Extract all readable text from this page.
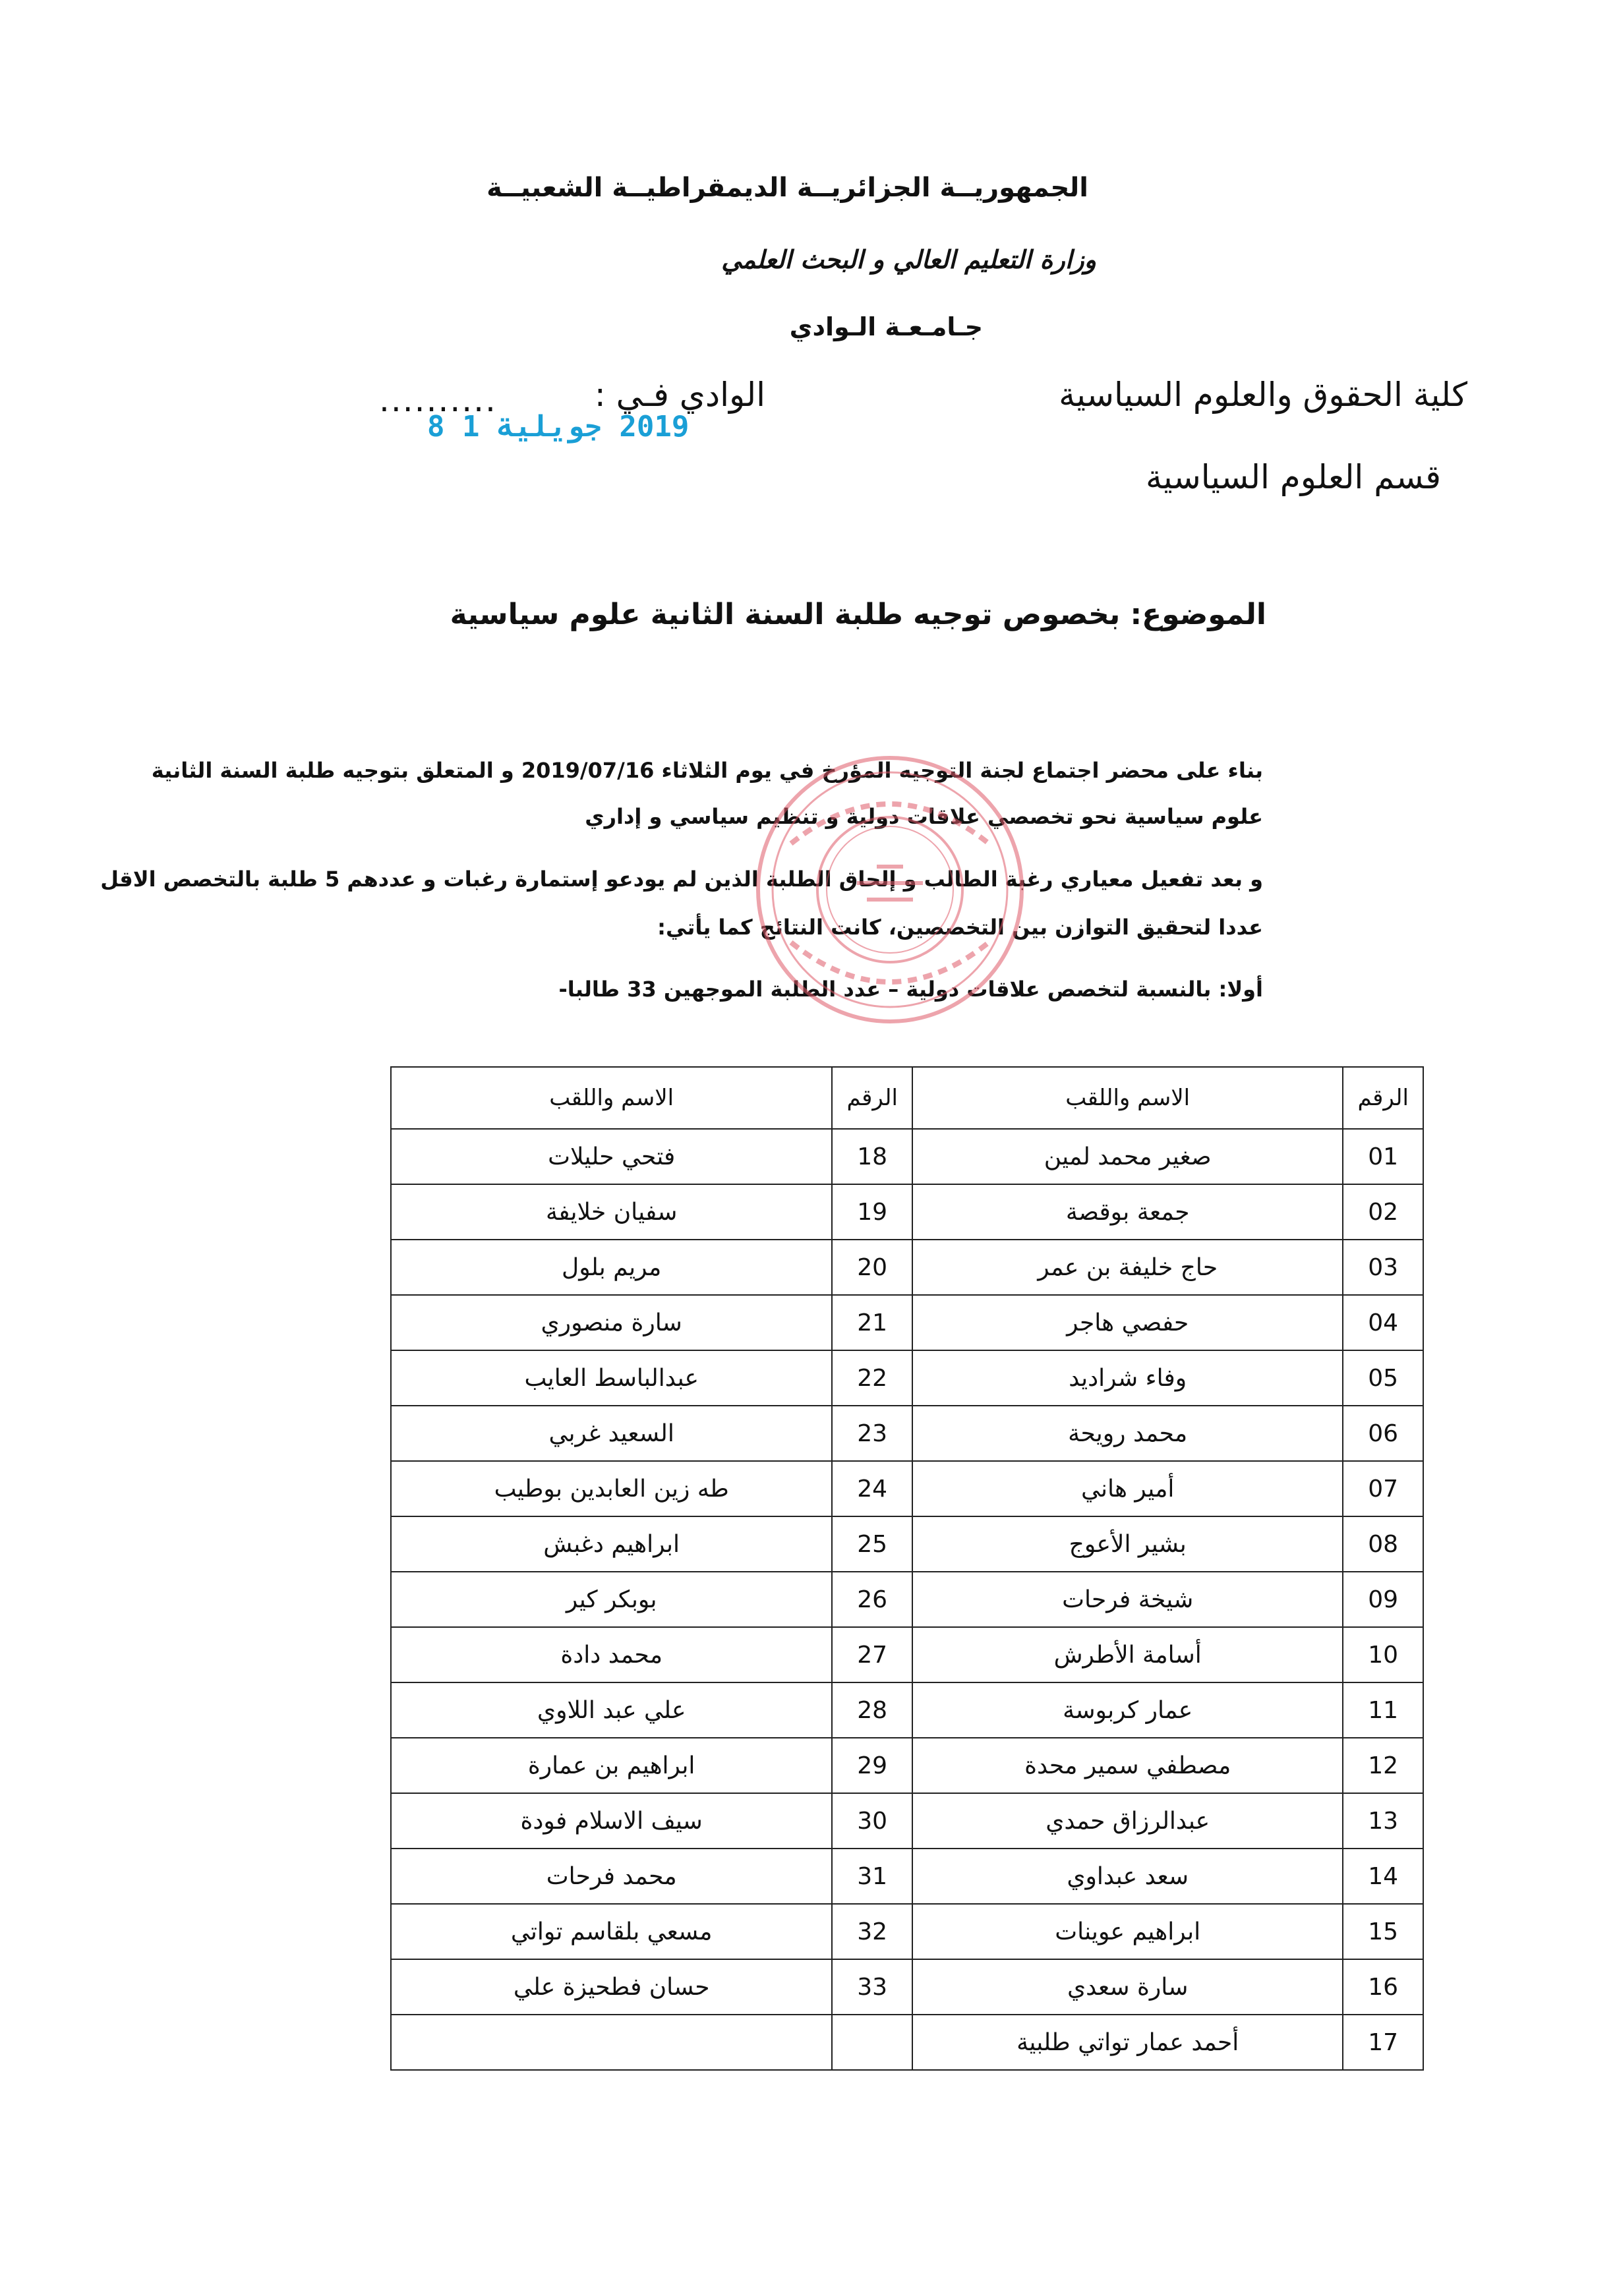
الجمهوريــة الجزائريــة الديمقراطيــة الشعبيــة
وزارة التعليم العالي و البحث العلمي
جـامـعـة الـوادي
كلية الحقوق والعلوم السياسية
الوادي فـي :
..........
2019 جويلية 1 8
قسم العلوم السياسية
الموضوع: بخصوص توجيه طلبة السنة الثانية علوم سياسية
بناء على محضر اجتماع لجنة التوجيه المؤرخ في يوم الثلاثاء 2019/07/16 و المتعلق بتوجيه طلبة السنة الثانية
علوم سياسية نحو تخصصي علاقات دولية و تنظيم سياسي و إداري
و بعد تفعيل معياري رغبة الطالب و إلحاق الطلبة الذين لم يودعو إستمارة رغبات و عددهم 5 طلبة بالتخصص الاقل
عددا لتحقيق التوازن بين التخصصين، كانت النتائج كما يأتي:
أولا: بالنسبة لتخصص علاقات دولية – عدد الطلبة الموجهين 33 طالبا-
الرقم	الاسم واللقب	الرقم	الاسم واللقب
01	صغير محمد لمين	18	فتحي حليلات
02	جمعة بوقصة	19	سفيان خلايفة
03	حاج خليفة بن عمر	20	مريم بلول
04	حفصي هاجر	21	سارة منصوري
05	وفاء شراديد	22	عبدالباسط العايب
06	محمد رويحة	23	السعيد غربي
07	أمير هاني	24	طه زين العابدين بوطيب
08	بشير الأعوج	25	ابراهيم دغبش
09	شيخة فرحات	26	بوبكر كير
10	أسامة الأطرش	27	محمد دادة
11	عمار كربوسة	28	علي عبد اللاوي
12	مصطفي سمير محدة	29	ابراهيم بن عمارة
13	عبدالرزاق حمدي	30	سيف الاسلام فودة
14	سعد عبداوي	31	محمد فرحات
15	ابراهيم عوينات	32	مسعي بلقاسم تواتي
16	سارة سعدي	33	حسان فطحيزة علي
17	أحمد عمار تواتي طلبية		
